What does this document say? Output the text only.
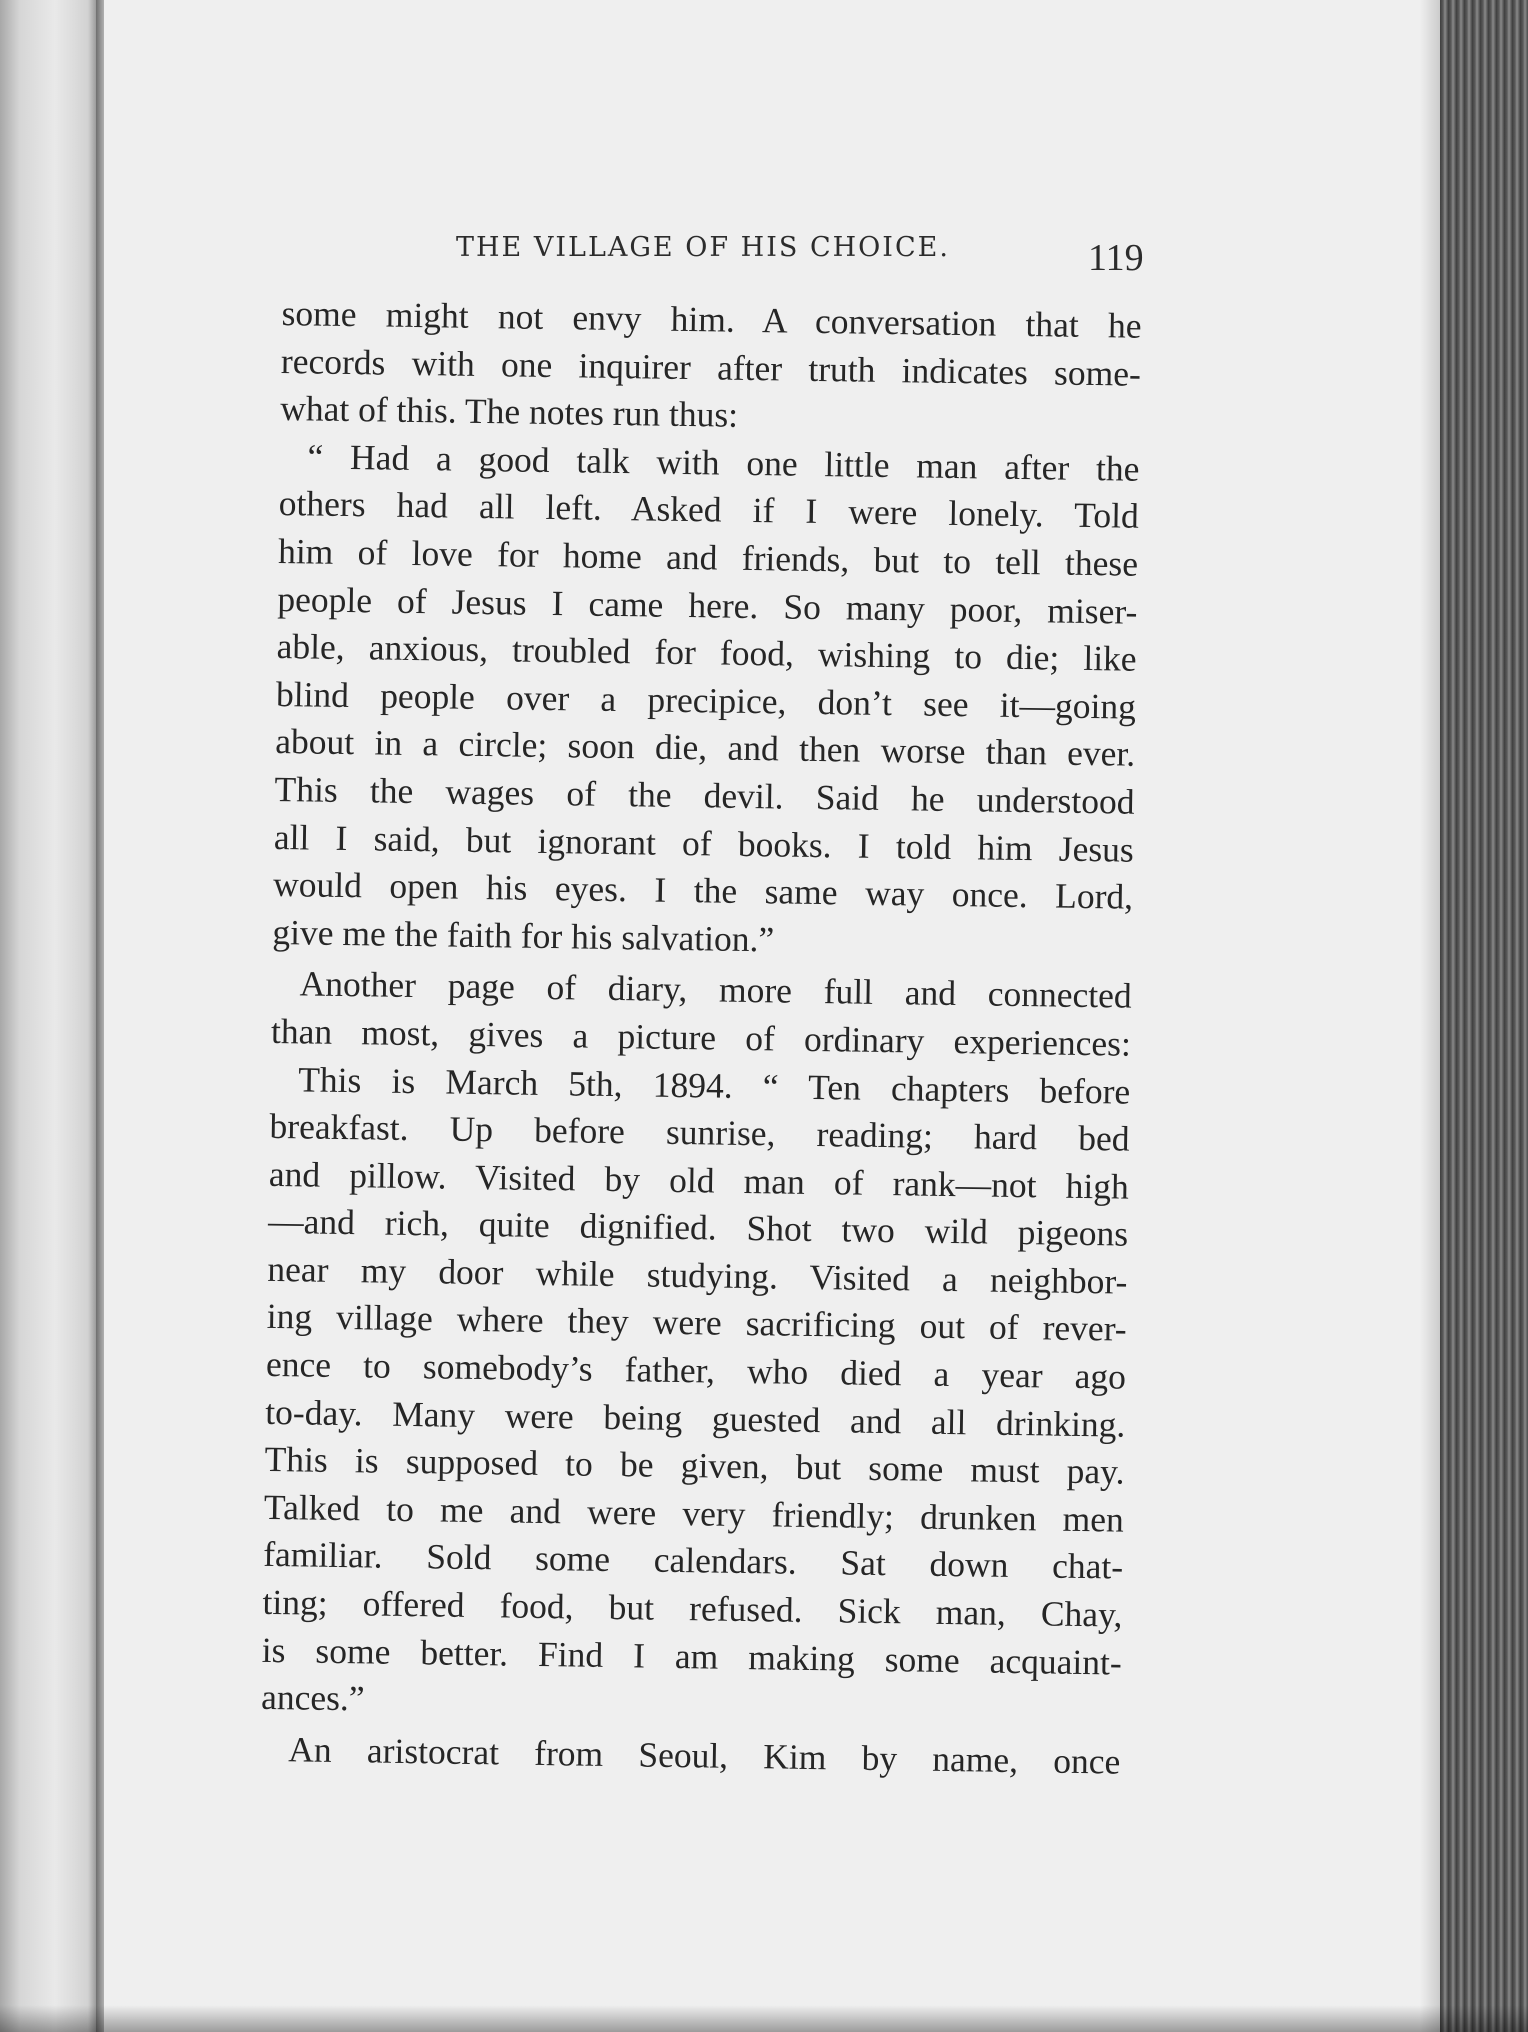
THE VILLAGE OF HIS CHOICE.	119
some might not envy him. A conversation that he
records with one inquirer after truth indicates some-
what of this. The notes run thus:
“ Had a good talk with one little man after the
others had all left. Asked if I were lonely. Told
him of love for home and friends, but to tell these
people of Jesus I came here. So many poor, miser-
able, anxious, troubled for food, wishing to die; like
blind people over a precipice, don’t see it—going
about in a circle; soon die, and then worse than ever.
This the wages of the devil. Said he understood
all I said, but ignorant of books. I told him Jesus
would open his eyes. I the same way once. Lord,
give me the faith for his salvation.”
Another page of diary, more full and connected
than most, gives a picture of ordinary experiences:
This is March 5th, 1894. “ Ten chapters before
breakfast. Up before sunrise, reading; hard bed
and pillow. Visited by old man of rank—not high
—and rich, quite dignified. Shot two wild pigeons
near my door while studying. Visited a neighbor-
ing village where they were sacrificing out of rever-
ence to somebody’s father, who died a year ago
to-day. Many were being guested and all drinking.
This is supposed to be given, but some must pay.
Talked to me and were very friendly; drunken men
familiar. Sold some calendars. Sat down chat-
ting; offered food, but refused. Sick man, Chay,
is some better. Find I am making some acquaint-
ances.”
An aristocrat from Seoul, Kim by name, once
